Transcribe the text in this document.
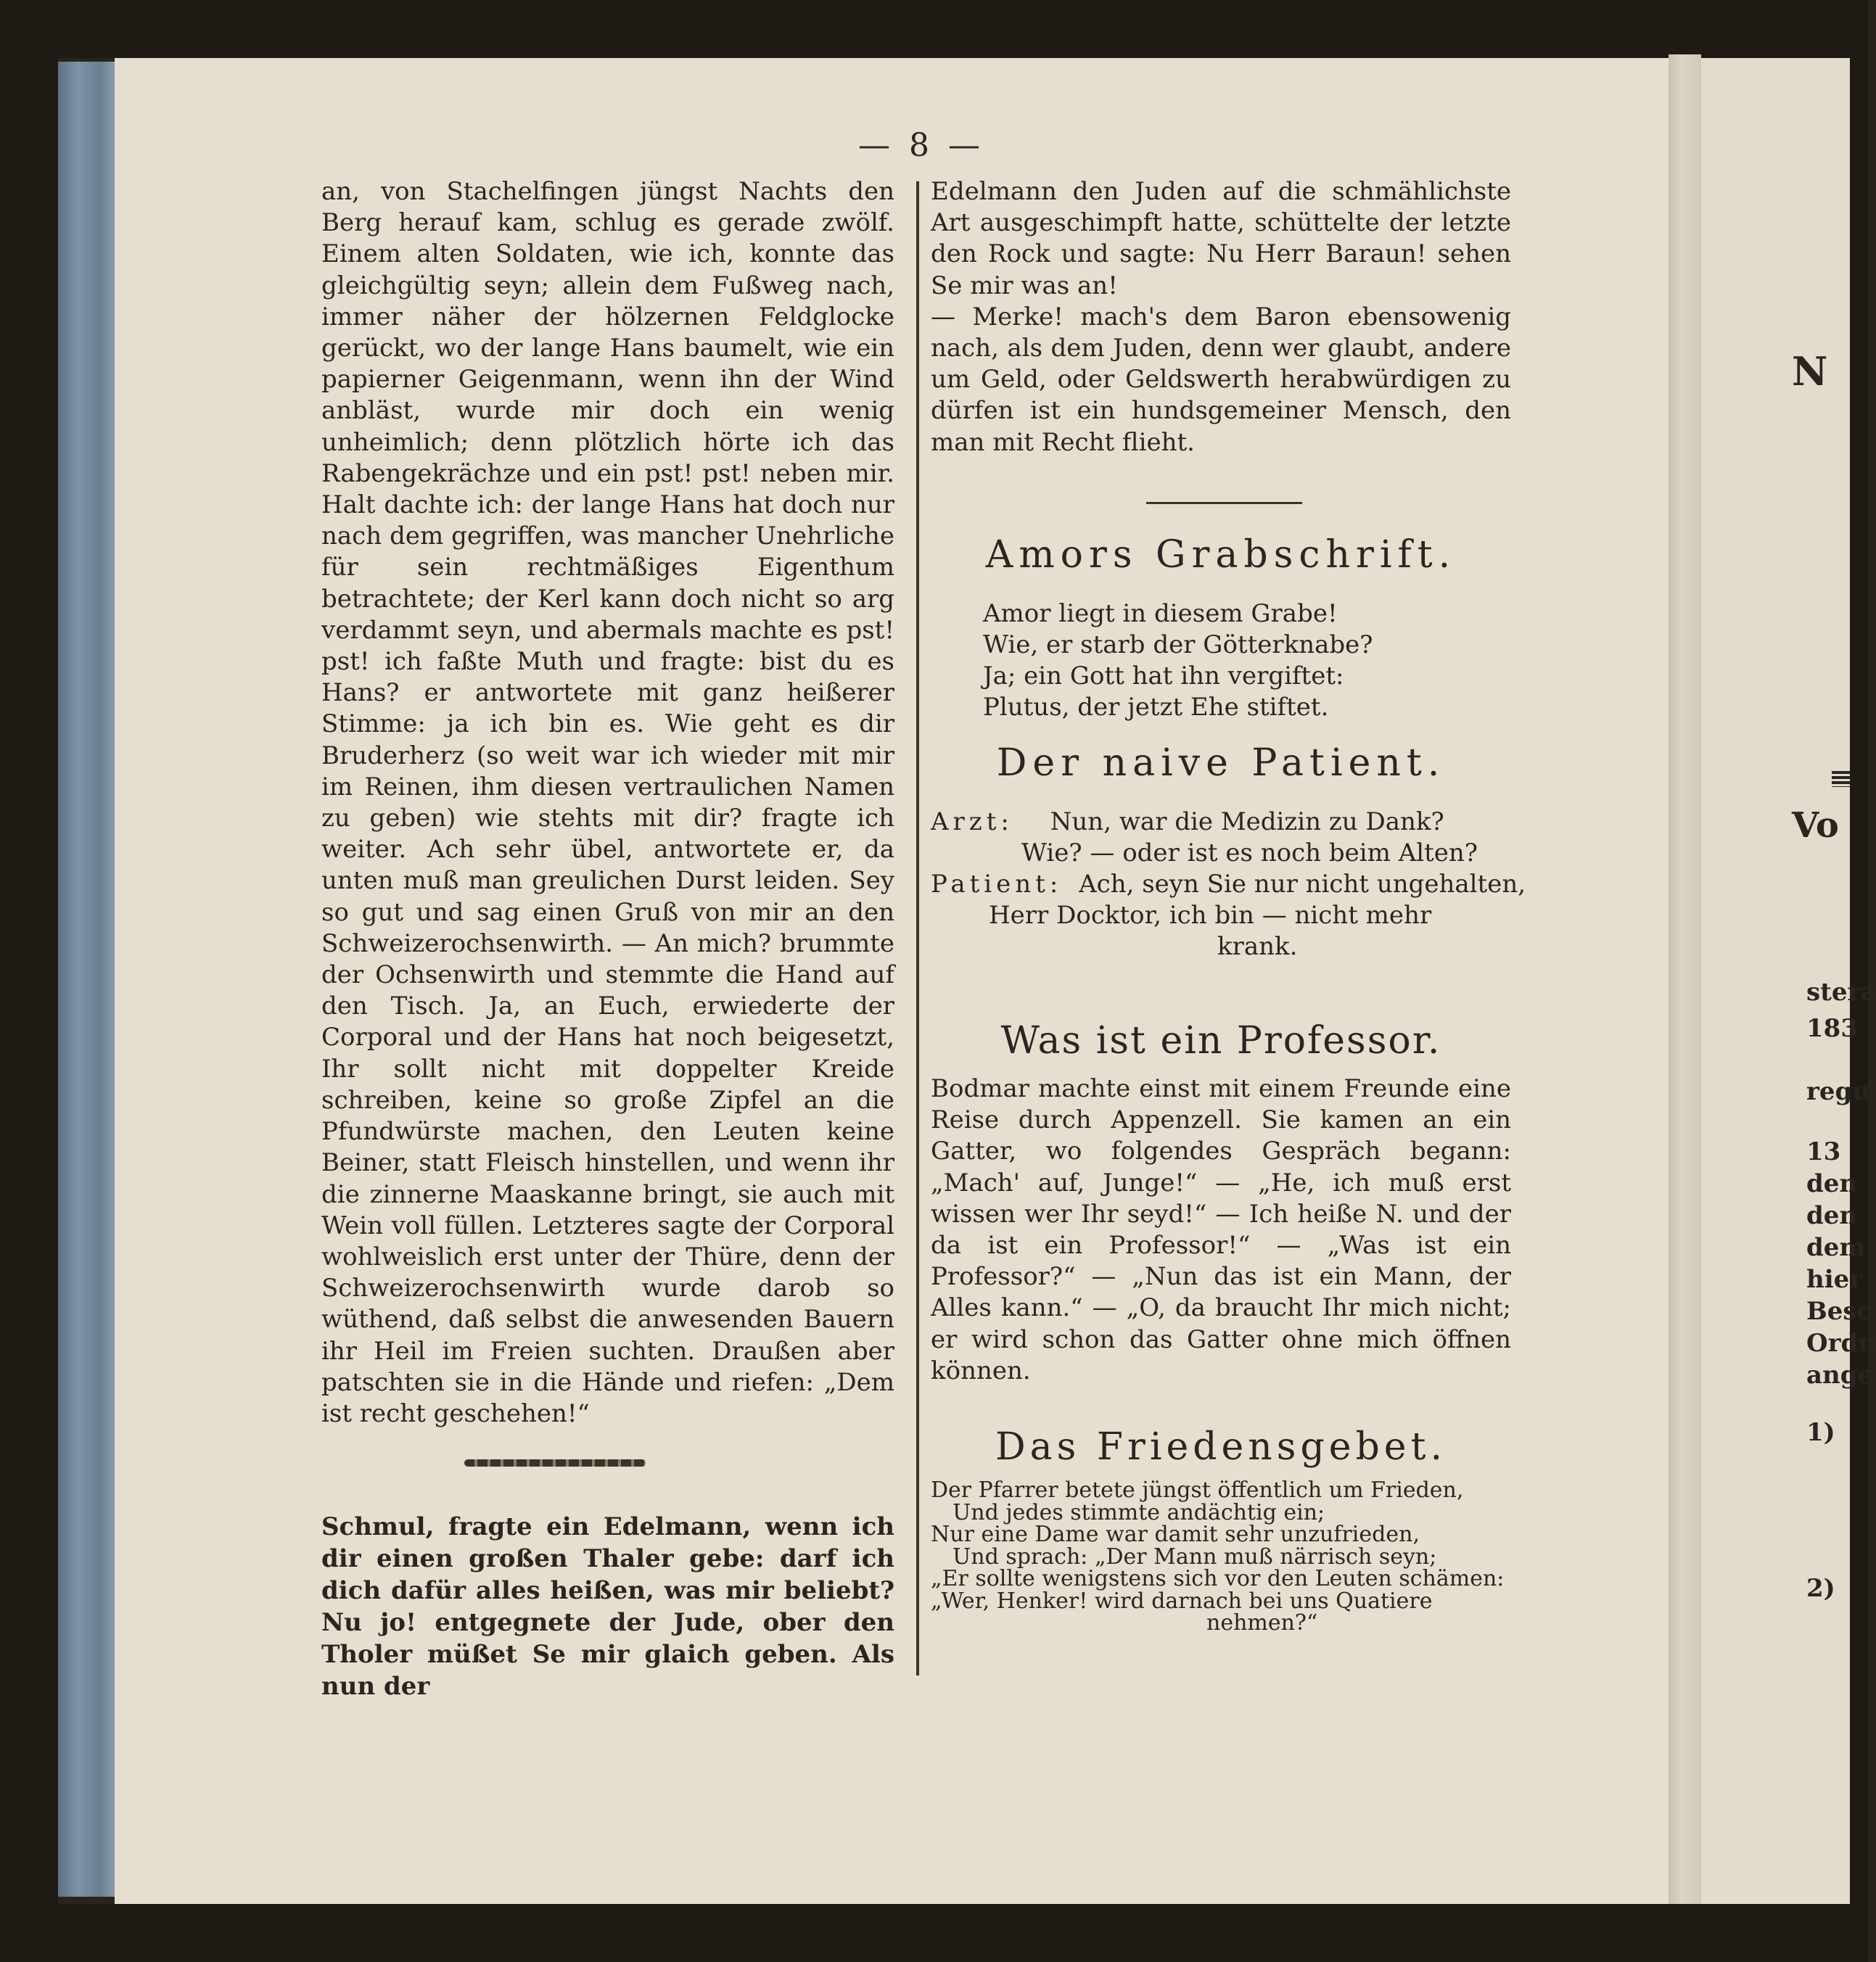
— 8 —

an, von Stachelfingen jüngst Nachts den Berg herauf kam, schlug es gerade zwölf. Einem alten Soldaten, wie ich, konnte das gleichgültig seyn; allein dem Fußweg nach, immer näher der hölzernen Feldglocke gerückt, wo der lange Hans baumelt, wie ein papierner Geigenmann, wenn ihn der Wind anbläst, wurde mir doch ein wenig unheimlich; denn plötzlich hörte ich das Rabengekrächze und ein pst! pst! neben mir. Halt dachte ich: der lange Hans hat doch nur nach dem gegriffen, was mancher Unehrliche für sein rechtmäßiges Eigenthum betrachtete; der Kerl kann doch nicht so arg verdammt seyn, und abermals machte es pst! pst! ich faßte Muth und fragte: bist du es Hans? er antwortete mit ganz heißerer Stimme: ja ich bin es. Wie geht es dir Bruderherz (so weit war ich wieder mit mir im Reinen, ihm diesen vertraulichen Namen zu geben) wie stehts mit dir? fragte ich weiter. Ach sehr übel, antwortete er, da unten muß man greulichen Durst leiden. Sey so gut und sag einen Gruß von mir an den Schweizerochsenwirth. — An mich? brummte der Ochsenwirth und stemmte die Hand auf den Tisch. Ja, an Euch, erwiederte der Corporal und der Hans hat noch beigesetzt, Ihr sollt nicht mit doppelter Kreide schreiben, keine so große Zipfel an die Pfundwürste machen, den Leuten keine Beiner, statt Fleisch hinstellen, und wenn ihr die zinnerne Maaskanne bringt, sie auch mit Wein voll füllen. Letzteres sagte der Corporal wohlweislich erst unter der Thüre, denn der Schweizerochsenwirth wurde darob so wüthend, daß selbst die anwesenden Bauern ihr Heil im Freien suchten. Draußen aber patschten sie in die Hände und riefen: „Dem ist recht geschehen!“

Schmul, fragte ein Edelmann, wenn ich dir einen großen Thaler gebe: darf ich dich dafür alles heißen, was mir beliebt? Nu jo! entgegnete der Jude, ober den Tholer müßet Se mir glaich geben. Als nun der

Edelmann den Juden auf die schmählichste Art ausgeschimpft hatte, schüttelte der letzte den Rock und sagte: Nu Herr Baraun! sehen Se mir was an!

— Merke! mach's dem Baron ebensowenig nach, als dem Juden, denn wer glaubt, andere um Geld, oder Geldswerth herabwürdigen zu dürfen ist ein hundsgemeiner Mensch, den man mit Recht flieht.

Amors Grabschrift.
Amor liegt in diesem Grabe!
Wie, er starb der Götterknabe?
Ja; ein Gott hat ihn vergiftet:
Plutus, der jetzt Ehe stiftet.
Der naive Patient.
Arzt: Nun, war die Medizin zu Dank?
Wie? — oder ist es noch beim Alten?
Patient: Ach, seyn Sie nur nicht ungehalten,
Herr Docktor, ich bin — nicht mehr
krank.
Was ist ein Professor.

Bodmar machte einst mit einem Freunde eine Reise durch Appenzell. Sie kamen an ein Gatter, wo folgendes Gespräch begann: „Mach' auf, Junge!“ — „He, ich muß erst wissen wer Ihr seyd!“ — Ich heiße N. und der da ist ein Professor!“ — „Was ist ein Professor?“ — „Nun das ist ein Mann, der Alles kann.“ — „O, da braucht Ihr mich nicht; er wird schon das Gatter ohne mich öffnen können.

Das Friedensgebet.
Der Pfarrer betete jüngst öffentlich um Frieden,
Und jedes stimmte andächtig ein;
Nur eine Dame war damit sehr unzufrieden,
Und sprach: „Der Mann muß närrisch seyn;
„Er sollte wenigstens sich vor den Leuten schämen:
„Wer, Henker! wird darnach bei uns Quatiere
nehmen?“
N
Vo
stera
183
regu
13
den
den
dem
hier
Besc
Ordn
ange
1)
2)
